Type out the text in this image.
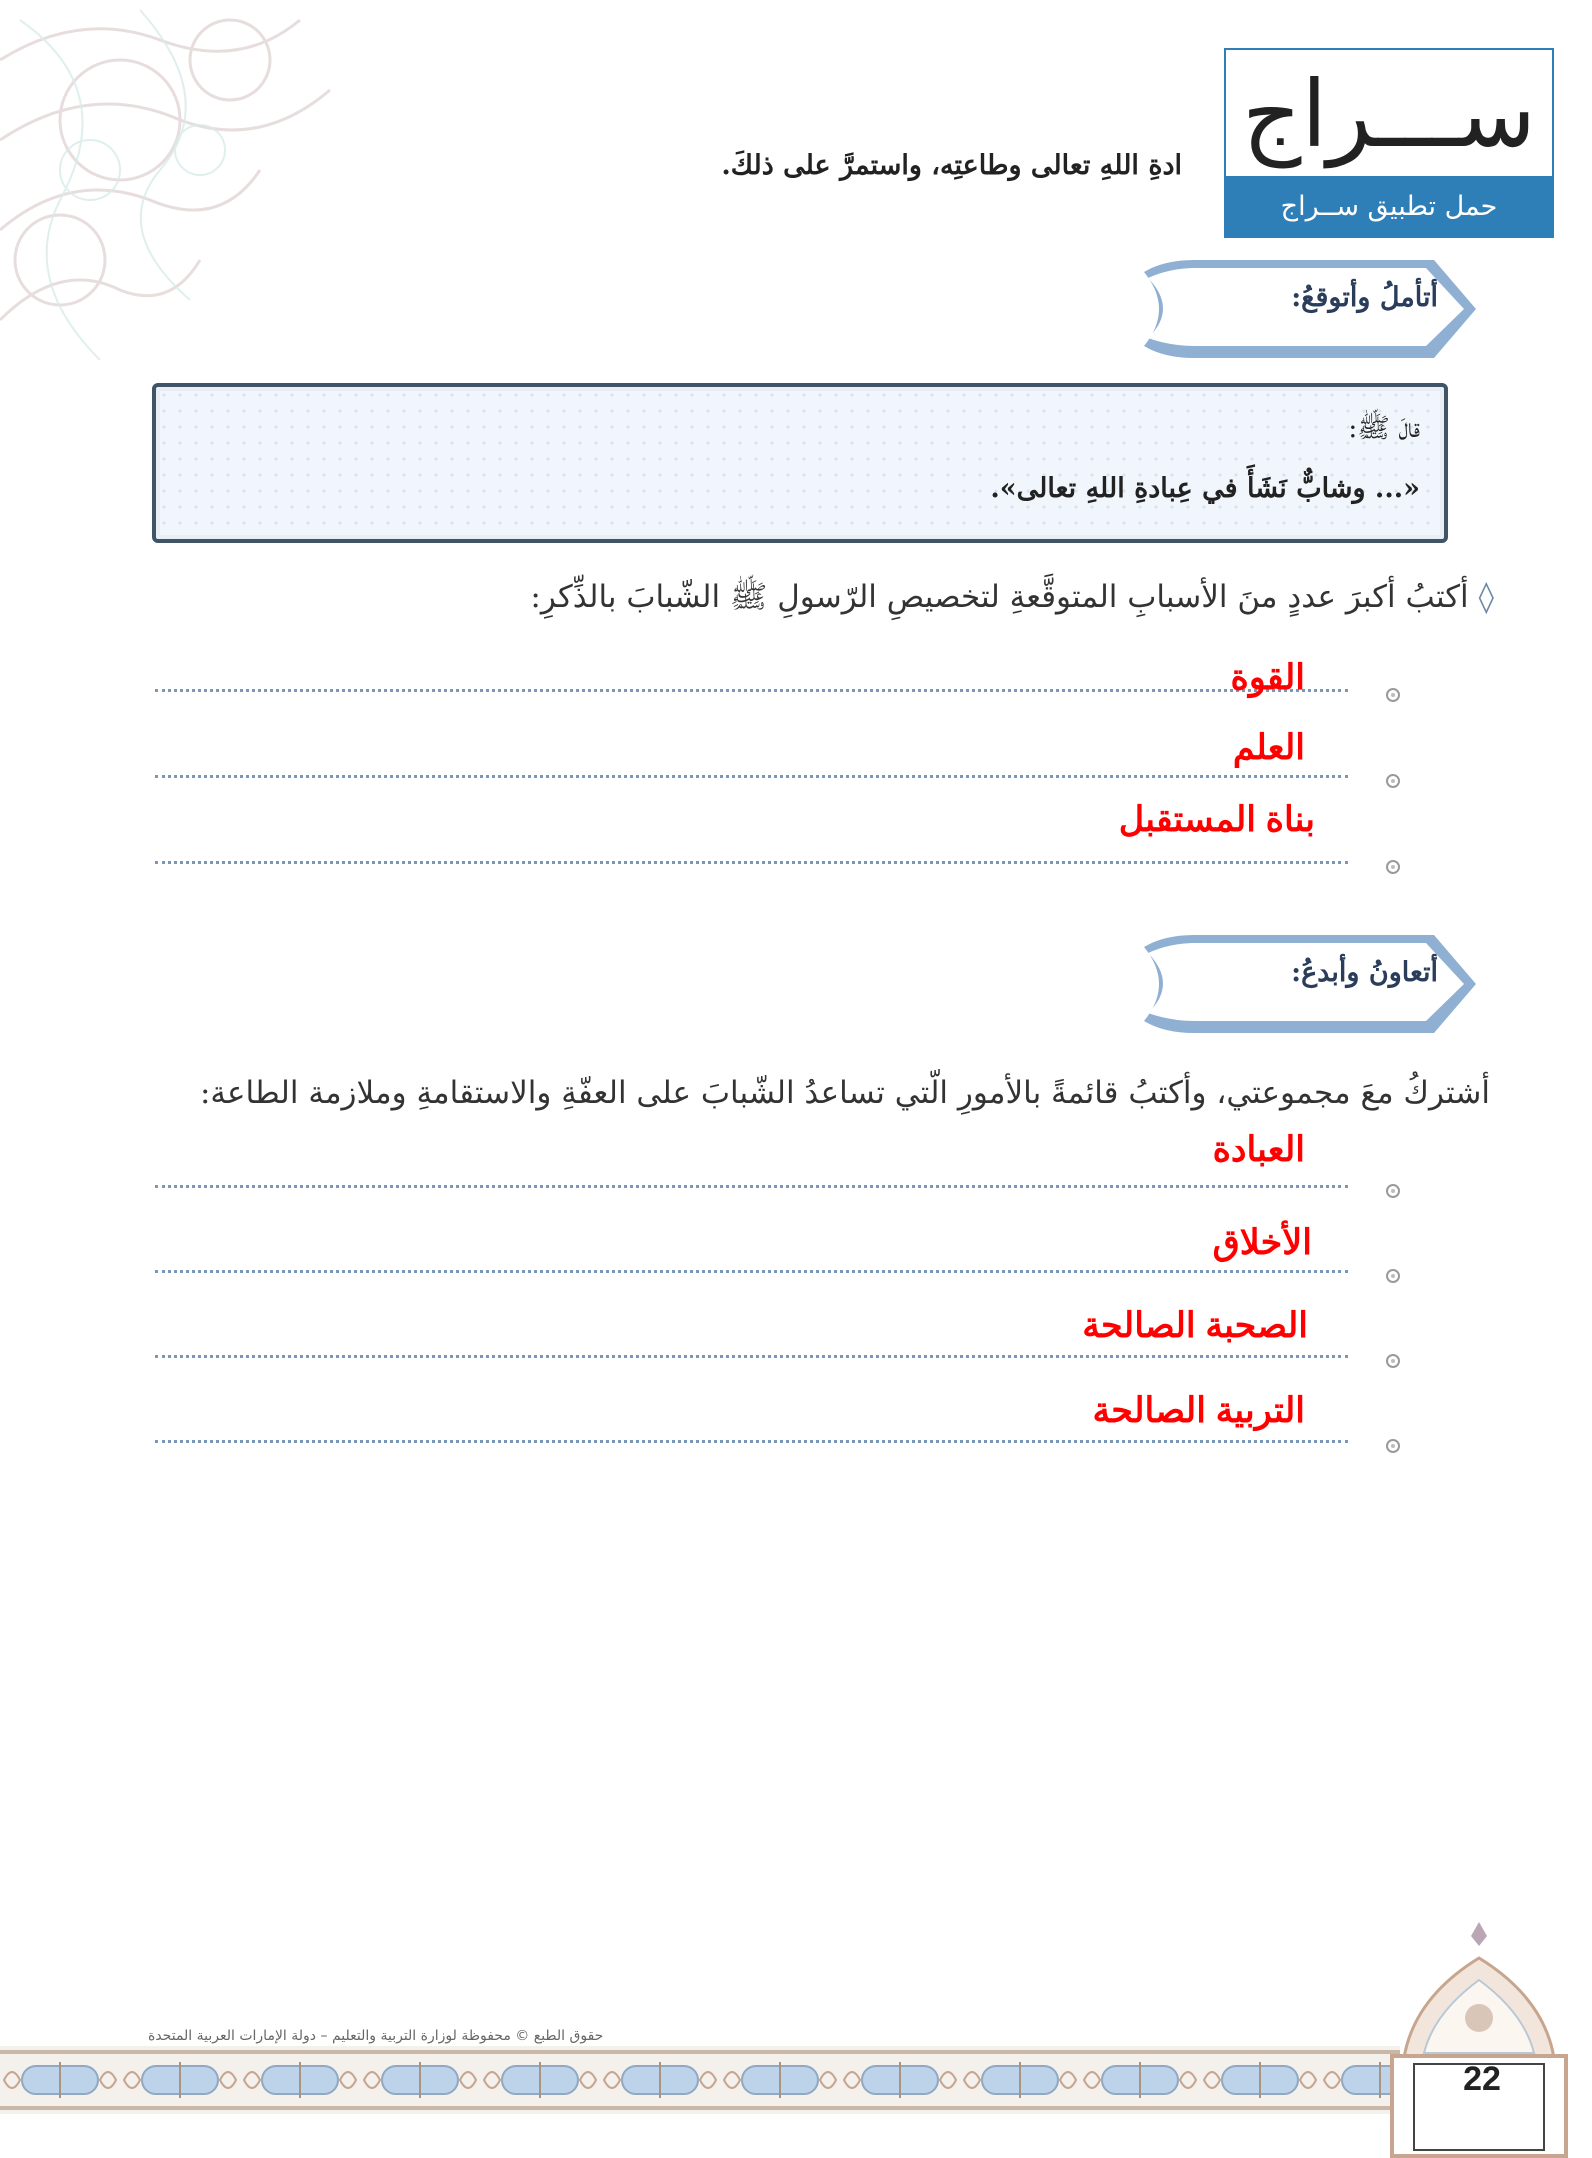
ســـراج
حمل تطبيق ســراج
ادةِ اللهِ تعالى وطاعتِه، واستمرَّ على ذلكَ.
أتأملُ وأتوقعُ:
قالَ ﷺ:
«... وشابٌّ نَشَأَ في عِبادةِ اللهِ تعالى».
◊أكتبُ أكبرَ عددٍ منَ الأسبابِ المتوقَّعةِ لتخصيصِ الرّسولِ ﷺ الشّبابَ بالذِّكرِ:
القوة
العلم
بناة المستقبل
أتعاونُ وأبدعُ:
أشتركُ معَ مجموعتي، وأكتبُ قائمةً بالأمورِ الّتي تساعدُ الشّبابَ على العفّةِ والاستقامةِ وملازمة الطاعة:
العبادة
الأخلاق
الصحبة الصالحة
التربية الصالحة
حقوق الطبع © محفوظة لوزارة التربية والتعليم – دولة الإمارات العربية المتحدة
22
